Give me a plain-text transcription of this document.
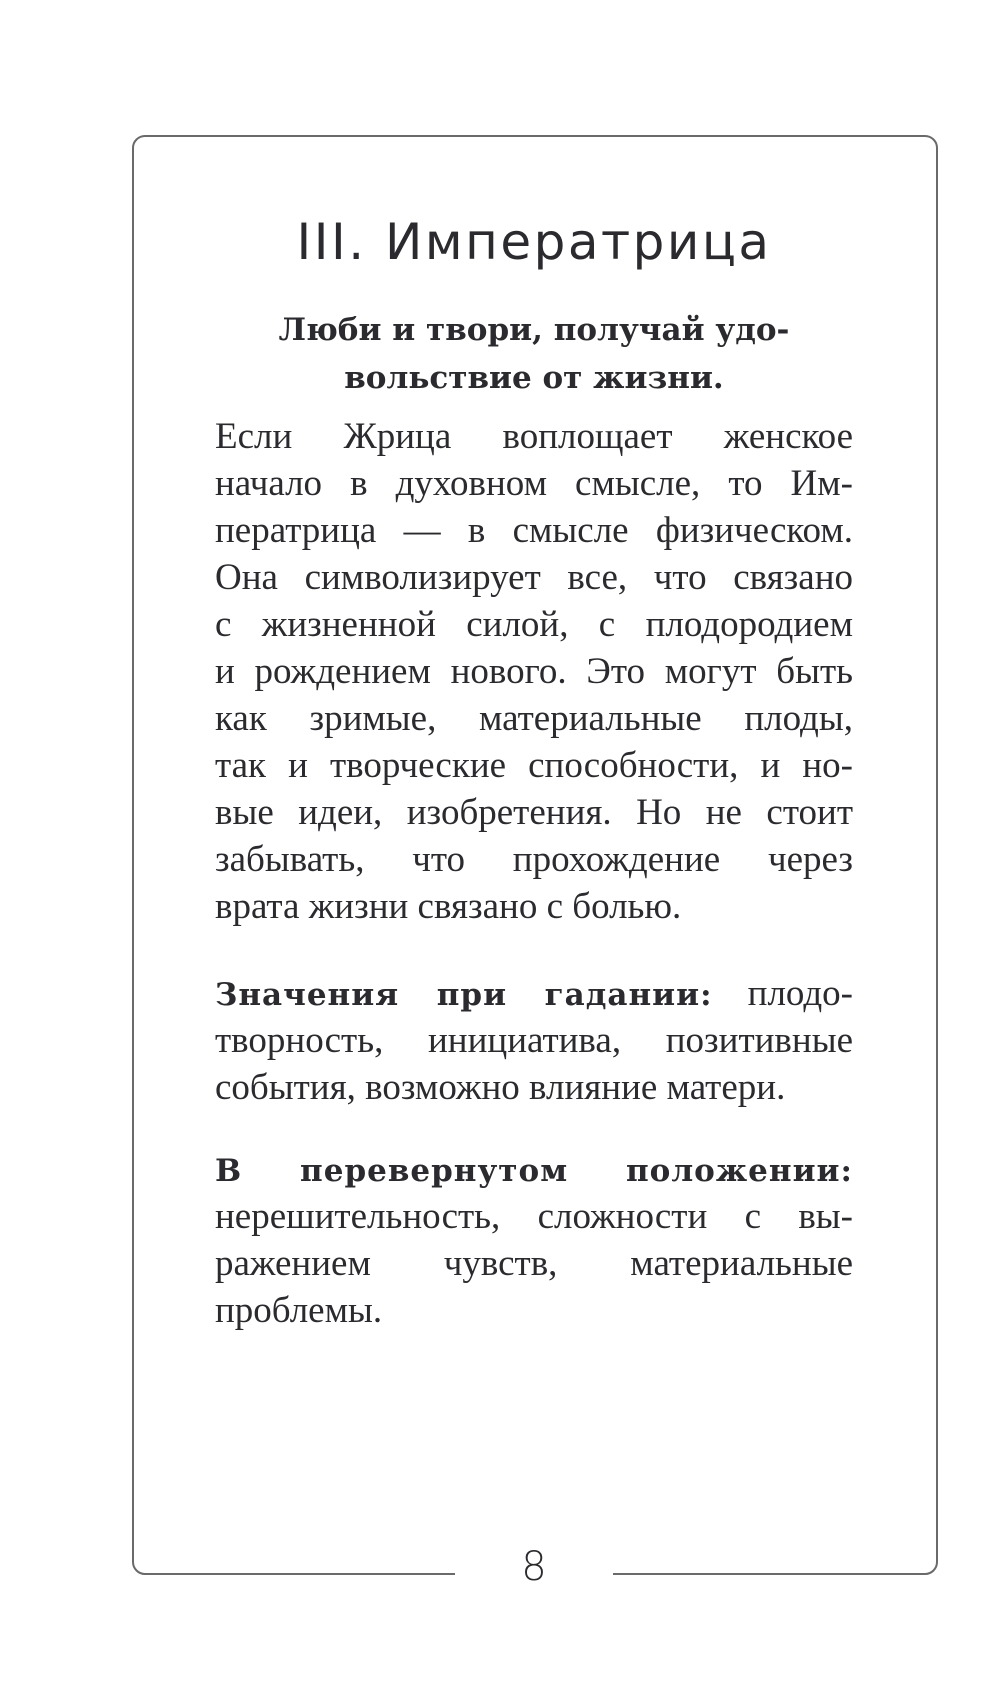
8
III. Императрица
Люби и твори, получай удо-
вольствие от жизни.
Если Жрица воплощает женское
начало в духовном смысле, то Им-
ператрица — в смысле физическом.
Она символизирует все, что связано
с жизненной силой, с плодородием
и рождением нового. Это могут быть
как зримые, материальные плоды,
так и творческие способности, и но-
вые идеи, изобретения. Но не стоит
забывать, что прохождение через
врата жизни связано с болью.
Значения при гадании: плодо-
творность, инициатива, позитивные
события, возможно влияние матери.
В перевернутом положении:
нерешительность, сложности с вы-
ражением чувств, материальные
проблемы.
